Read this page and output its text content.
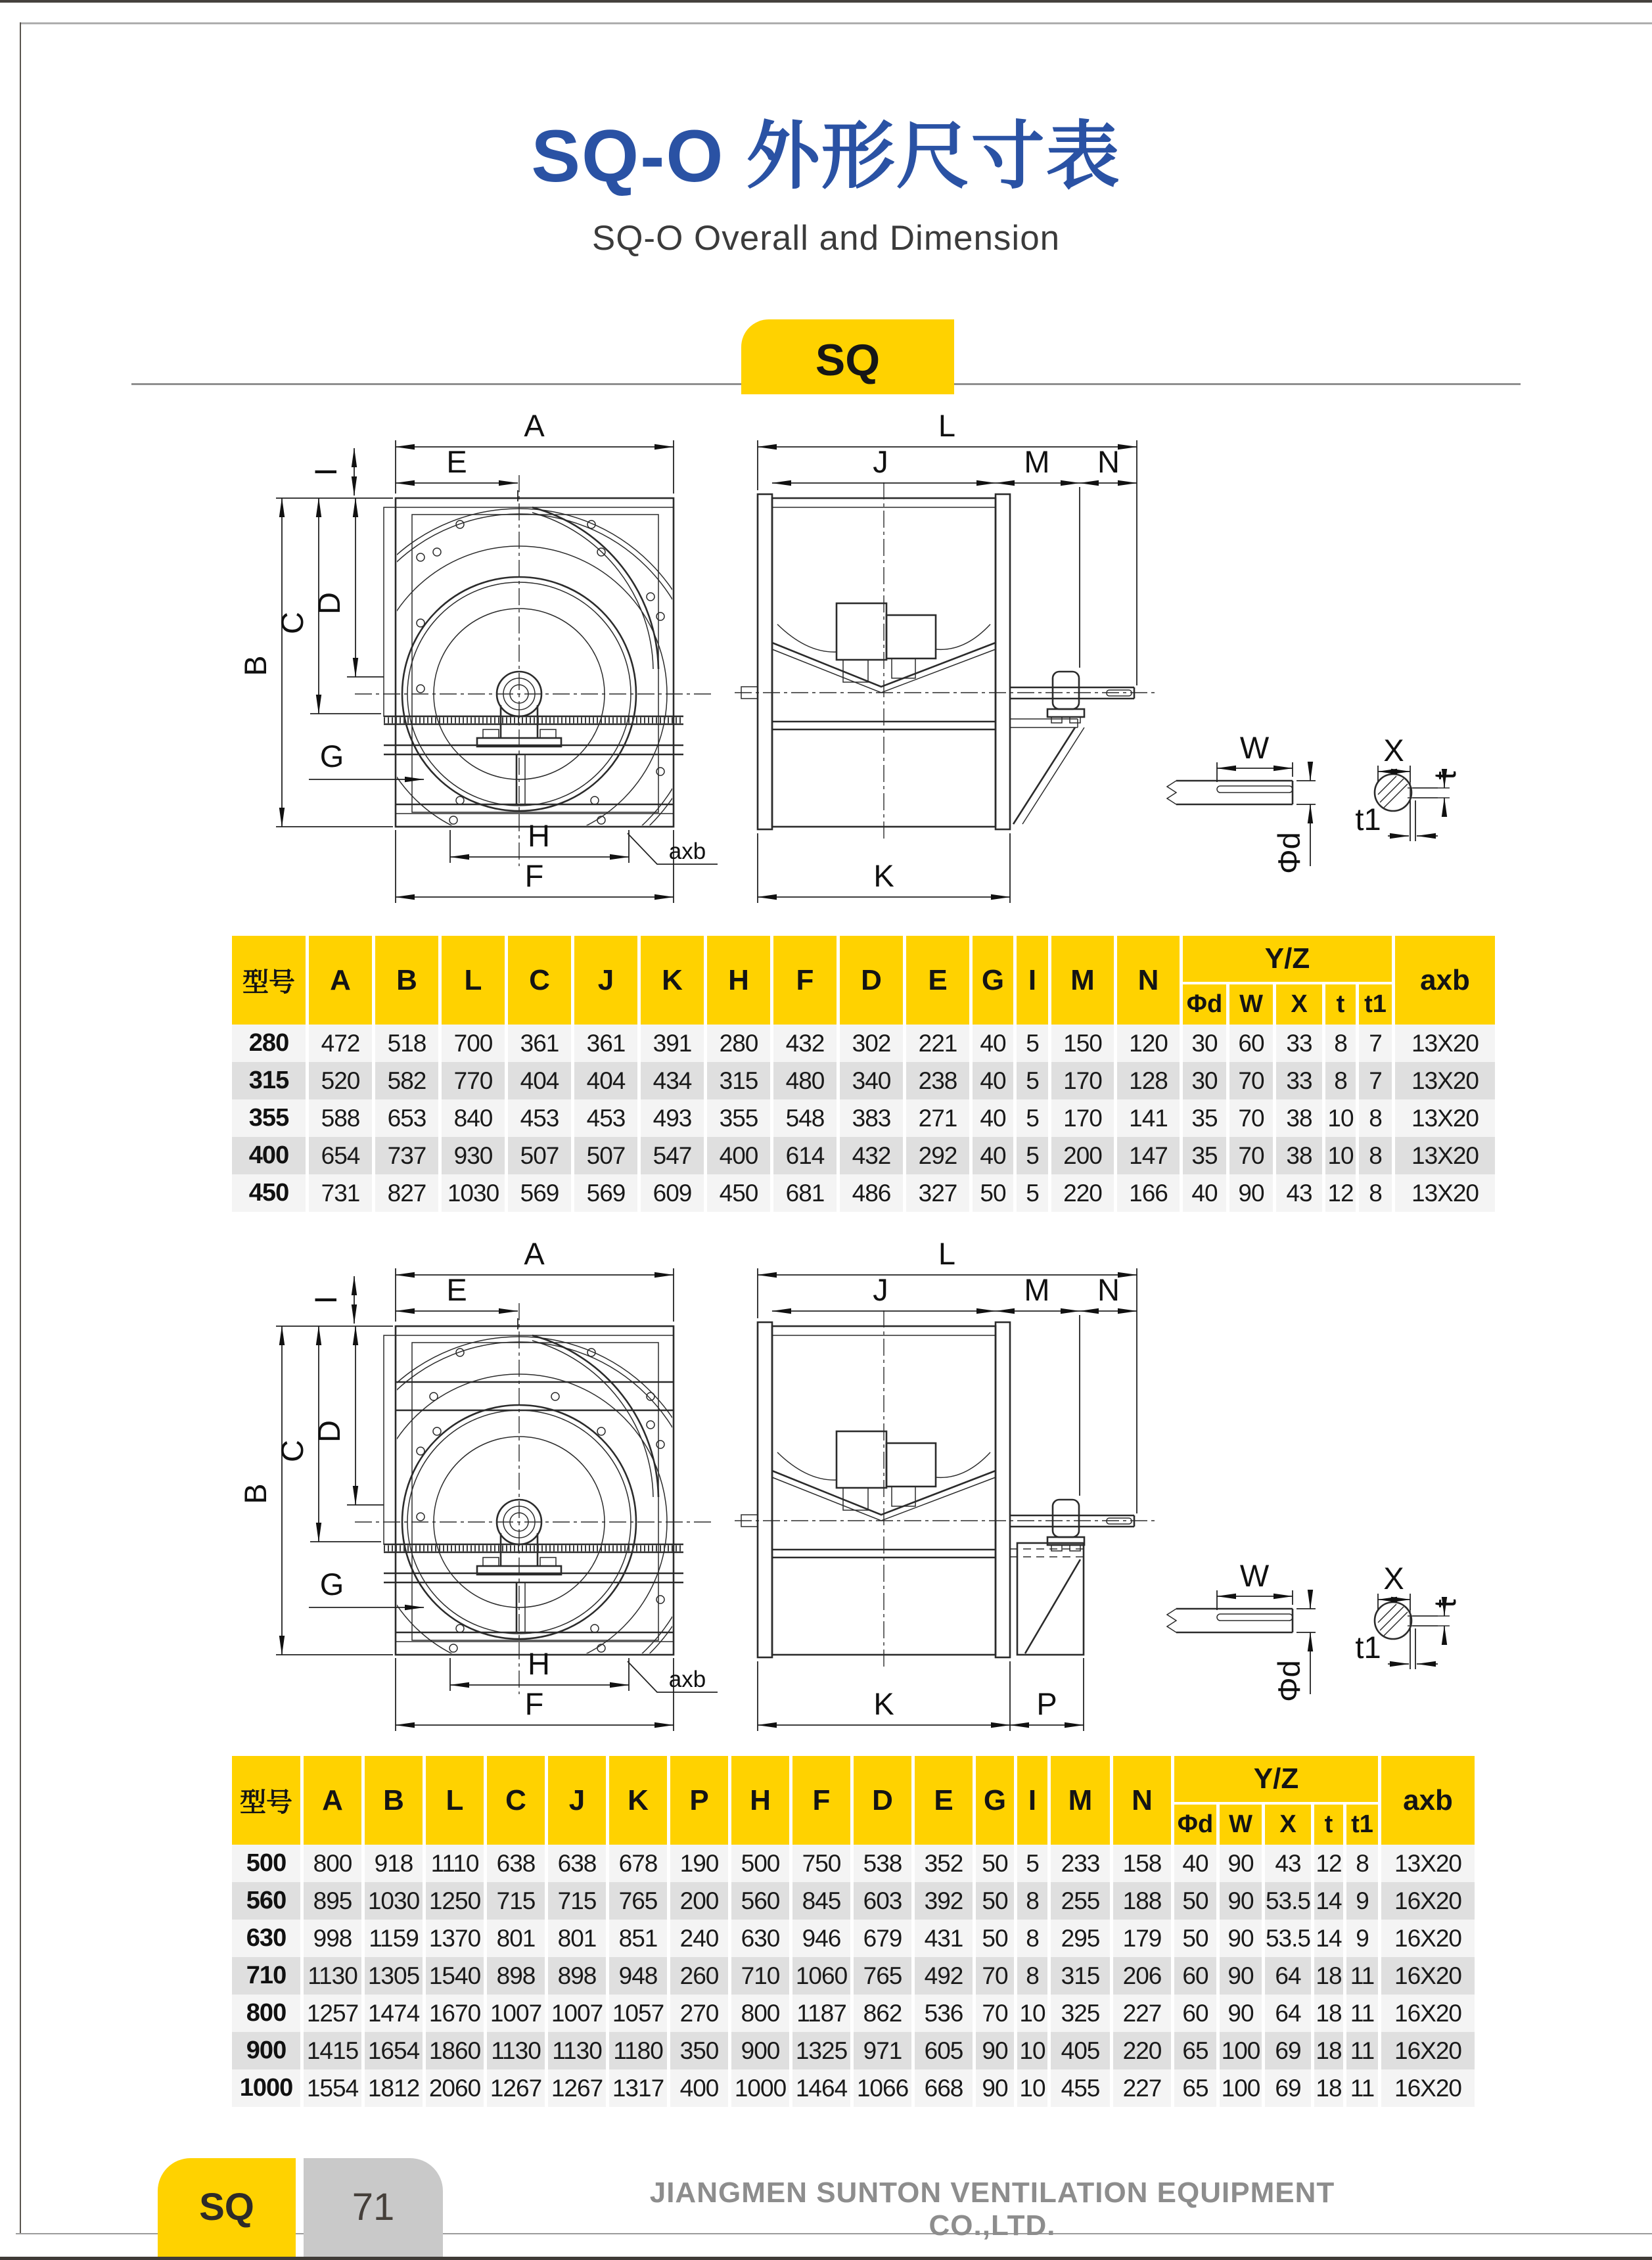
SQ-O 外形尺寸表
SQ-O Overall and Dimension
SQ
A
E
I
B
C
D
G
H
F
axb
L
J	M N
K
W
Φd
X
t
t1
型号	A	B	L	C	J	K	H	F	D	E	G	I	M	N	Y/Z					axb
															Φd	W	X	t	t1	
280	472	518	700	361	361	391	280	432	302	221	40	5	150	120	30	60	33	8	7	13X20
315	520	582	770	404	404	434	315	480	340	238	40	5	170	128	30	70	33	8	7	13X20
355	588	653	840	453	453	493	355	548	383	271	40	5	170	141	35	70	38	10	8	13X20
400	654	737	930	507	507	547	400	614	432	292	40	5	200	147	35	70	38	10	8	13X20
450	731	827	1030	569	569	609	450	681	486	327	50	5	220	166	40	90	43	12	8	13X20
A
E
I
B
C
D
G
H
F
axb
L
J	M N
K	P
W
Φd
X
t
t1
型号	A	B	L	C	J	K	P	H	F	D	E	G	I	M	N	Y/Z					axb
																Φd	W	X	t	t1	
500	800	918	1110	638	638	678	190	500	750	538	352	50	5	233	158	40	90	43	12	8	13X20
560	895	1030	1250	715	715	765	200	560	845	603	392	50	8	255	188	50	90	53.5	14	9	16X20
630	998	1159	1370	801	801	851	240	630	946	679	431	50	8	295	179	50	90	53.5	14	9	16X20
710	1130	1305	1540	898	898	948	260	710	1060	765	492	70	8	315	206	60	90	64	18	11	16X20
800	1257	1474	1670	1007	1007	1057	270	800	1187	862	536	70	10	325	227	60	90	64	18	11	16X20
900	1415	1654	1860	1130	1130	1180	350	900	1325	971	605	90	10	405	220	65	100	69	18	11	16X20
1000	1554	1812	2060	1267	1267	1317	400	1000	1464	1066	668	90	10	455	227	65	100	69	18	11	16X20
SQ	71	JIANGMEN SUNTON VENTILATION EQUIPMENT CO.,LTD.
